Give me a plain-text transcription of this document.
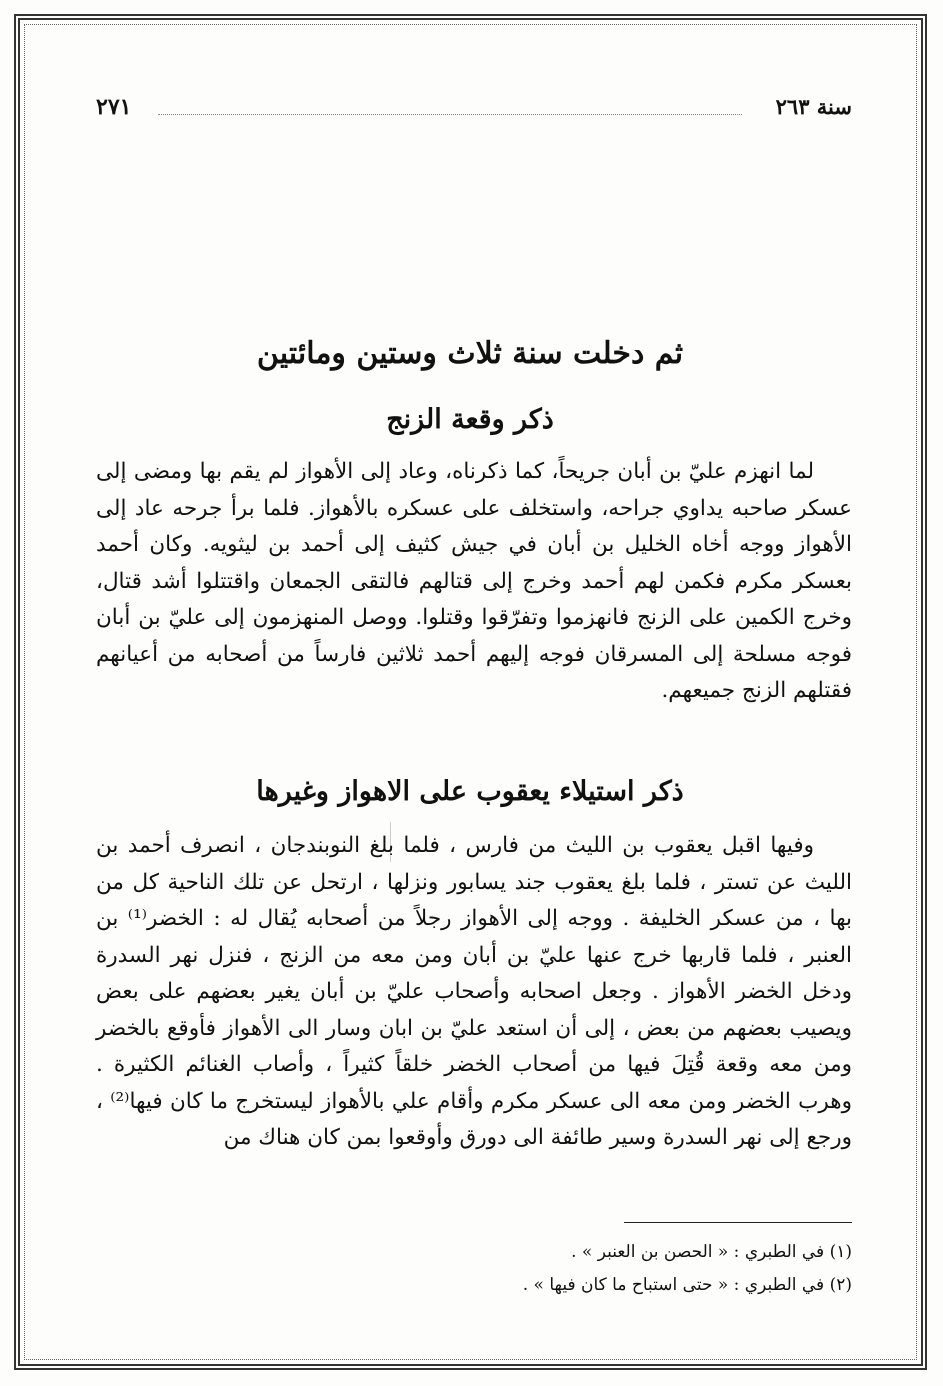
سنة ٢٦٣
٢٧١
ثم دخلت سنة ثلاث وستين ومائتين
ذكر وقعة الزنج

لما انهزم عليّ بن أبان جريحاً، كما ذكرناه، وعاد إلى الأهواز لم يقم بها ومضى إلى عسكر صاحبه يداوي جراحه، واستخلف على عسكره بالأهواز. فلما برأ جرحه عاد إلى الأهواز ووجه أخاه الخليل بن أبان في جيش كثيف إلى أحمد بن ليثويه. وكان أحمد بعسكر مكرم فكمن لهم أحمد وخرج إلى قتالهم فالتقى الجمعان واقتتلوا أشد قتال، وخرج الكمين على الزنج فانهزموا وتفرّقوا وقتلوا. ووصل المنهزمون إلى عليّ بن أبان فوجه مسلحة إلى المسرقان فوجه إليهم أحمد ثلاثين فارساً من أصحابه من أعيانهم فقتلهم الزنج جميعهم.

ذكر استيلاء يعقوب على الاهواز وغيرها

وفيها اقبل يعقوب بن الليث من فارس ، فلما بلغ النوبندجان ، انصرف أحمد بن الليث عن تستر ، فلما بلغ يعقوب جند يسابور ونزلها ، ارتحل عن تلك الناحية كل من بها ، من عسكر الخليفة . ووجه إلى الأهواز رجلاً من أصحابه يُقال له : الخضر⁽¹⁾ بن العنبر ، فلما قاربها خرج عنها عليّ بن أبان ومن معه من الزنج ، فنزل نهر السدرة ودخل الخضر الأهواز . وجعل اصحابه وأصحاب عليّ بن أبان يغير بعضهم على بعض ويصيب بعضهم من بعض ، إلى أن استعد عليّ بن ابان وسار الى الأهواز فأوقع بالخضر ومن معه وقعة قُتِلَ فيها من أصحاب الخضر خلقاً كثيراً ، وأصاب الغنائم الكثيرة . وهرب الخضر ومن معه الى عسكر مكرم وأقام علي بالأهواز ليستخرج ما كان فيها⁽²⁾ ، ورجع إلى نهر السدرة وسير طائفة الى دورق وأوقعوا بمن كان هناك من

(١) في الطبري : « الحصن بن العنبر » .
(٢) في الطبري : « حتى استباح ما كان فيها » .
